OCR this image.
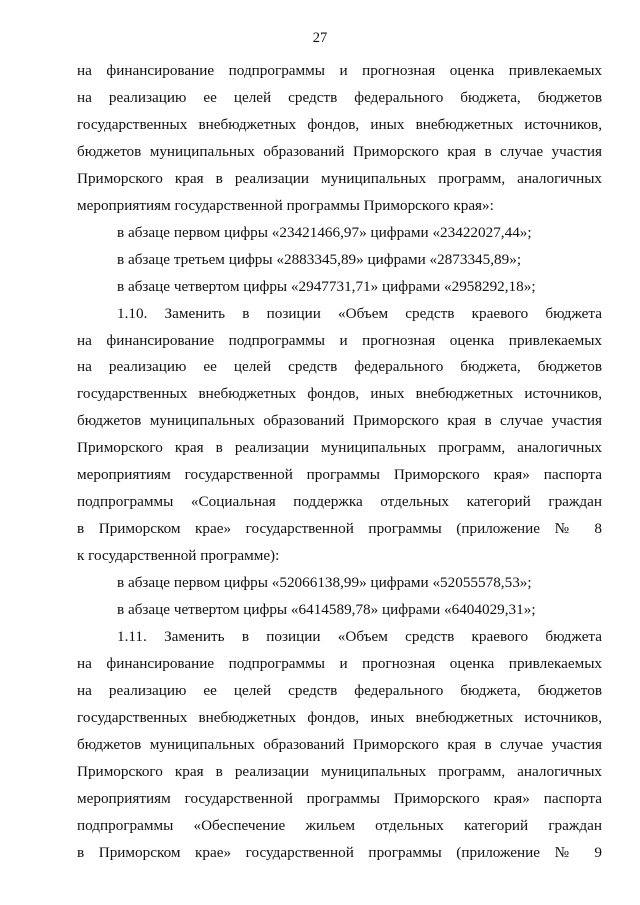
27
на финансирование подпрограммы и прогнозная оценка привлекаемых
на реализацию ее целей средств федерального бюджета, бюджетов
государственных внебюджетных фондов, иных внебюджетных источников,
бюджетов муниципальных образований Приморского края в случае участия
Приморского края в реализации муниципальных программ, аналогичных
мероприятиям государственной программы Приморского края»:
в абзаце первом цифры «23421466,97» цифрами «23422027,44»;
в абзаце третьем цифры «2883345,89» цифрами «2873345,89»;
в абзаце четвертом цифры «2947731,71» цифрами «2958292,18»;
1.10. Заменить в позиции «Объем средств краевого бюджета
на финансирование подпрограммы и прогнозная оценка привлекаемых
на реализацию ее целей средств федерального бюджета, бюджетов
государственных внебюджетных фондов, иных внебюджетных источников,
бюджетов муниципальных образований Приморского края в случае участия
Приморского края в реализации муниципальных программ, аналогичных
мероприятиям государственной программы Приморского края» паспорта
подпрограммы «Социальная поддержка отдельных категорий граждан
в Приморском крае» государственной программы (приложение № 8
к государственной программе):
в абзаце первом цифры «52066138,99» цифрами «52055578,53»;
в абзаце четвертом цифры «6414589,78» цифрами «6404029,31»;
1.11. Заменить в позиции «Объем средств краевого бюджета
на финансирование подпрограммы и прогнозная оценка привлекаемых
на реализацию ее целей средств федерального бюджета, бюджетов
государственных внебюджетных фондов, иных внебюджетных источников,
бюджетов муниципальных образований Приморского края в случае участия
Приморского края в реализации муниципальных программ, аналогичных
мероприятиям государственной программы Приморского края» паспорта
подпрограммы «Обеспечение жильем отдельных категорий граждан
в Приморском крае» государственной программы (приложение № 9
